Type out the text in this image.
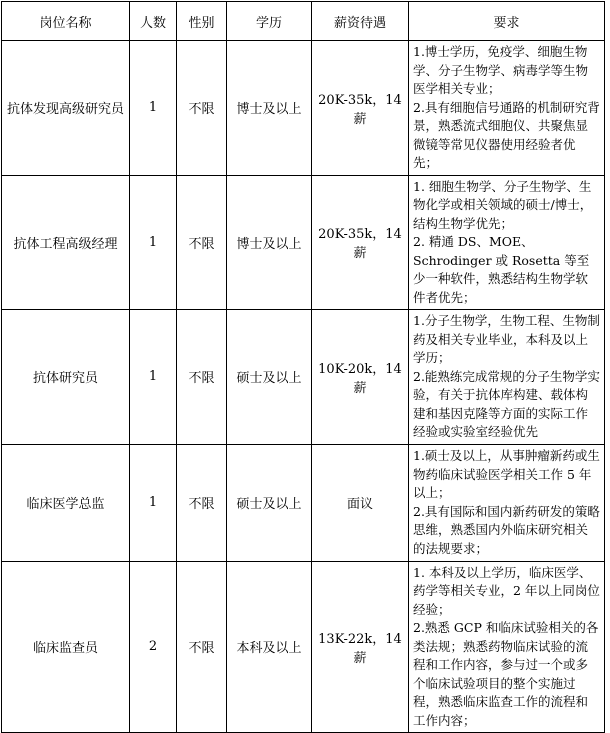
岗位名称	人数	性别	学历	薪资待遇	要求
抗体发现高级研究员	1	不限	博士及以上	20K-35k，14薪	1.博士学历，免疫学、细胞生物学、分子生物学、病毒学等生物医学相关专业；

2.具有细胞信号通路的机制研究背景，熟悉流式细胞仪、共聚焦显微镜等常见仪器使用经验者优先；

抗体工程高级经理	1	不限	博士及以上	20K-35k，14薪	1. 细胞生物学、分子生物学、生物化学或相关领域的硕士/博士，结构生物学优先；

2. 精通 DS、MOE、Schrodinger 或 Rosetta 等至少一种软件，熟悉结构生物学软件者优先；

抗体研究员	1	不限	硕士及以上	10K-20k，14薪	1.分子生物学，生物工程、生物制药及相关专业毕业，本科及以上学历；

2.能熟练完成常规的分子生物学实验，有关于抗体库构建、载体构建和基因克隆等方面的实际工作经验或实验室经验优先

临床医学总监	1	不限	硕士及以上	面议	1.硕士及以上，从事肿瘤新药或生物药临床试验医学相关工作 5 年以上；

2.具有国际和国内新药研发的策略思维，熟悉国内外临床研究相关的法规要求；

临床监查员	2	不限	本科及以上	13K-22k，14薪	1. 本科及以上学历，临床医学、药学等相关专业，2 年以上同岗位经验；

2.熟悉 GCP 和临床试验相关的各类法规；熟悉药物临床试验的流程和工作内容，参与过一个或多个临床试验项目的整个实施过程，熟悉临床监查工作的流程和工作内容；
